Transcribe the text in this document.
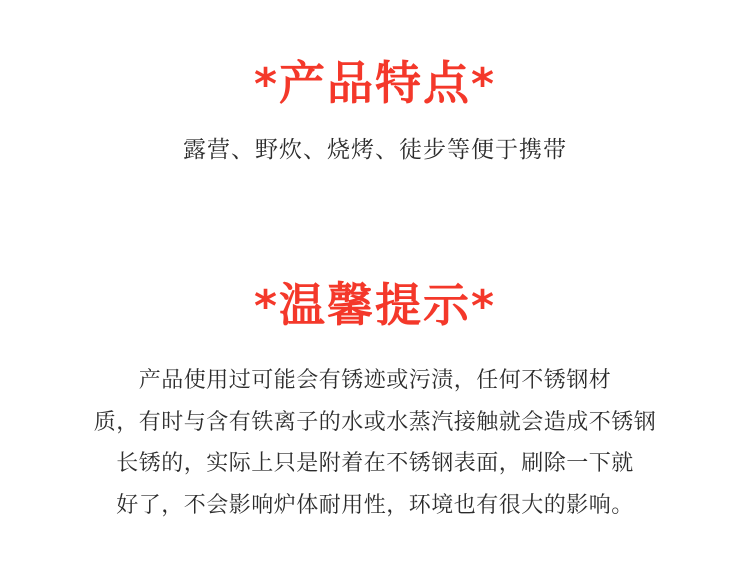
*产品特点*
露营、野炊、烧烤、徒步等便于携带
*温馨提示*

产品使用过可能会有锈迹或污渍，任何不锈钢材

质，有时与含有铁离子的水或水蒸汽接触就会造成不锈钢

长锈的，实际上只是附着在不锈钢表面，刷除一下就

好了，不会影响炉体耐用性，环境也有很大的影响。
